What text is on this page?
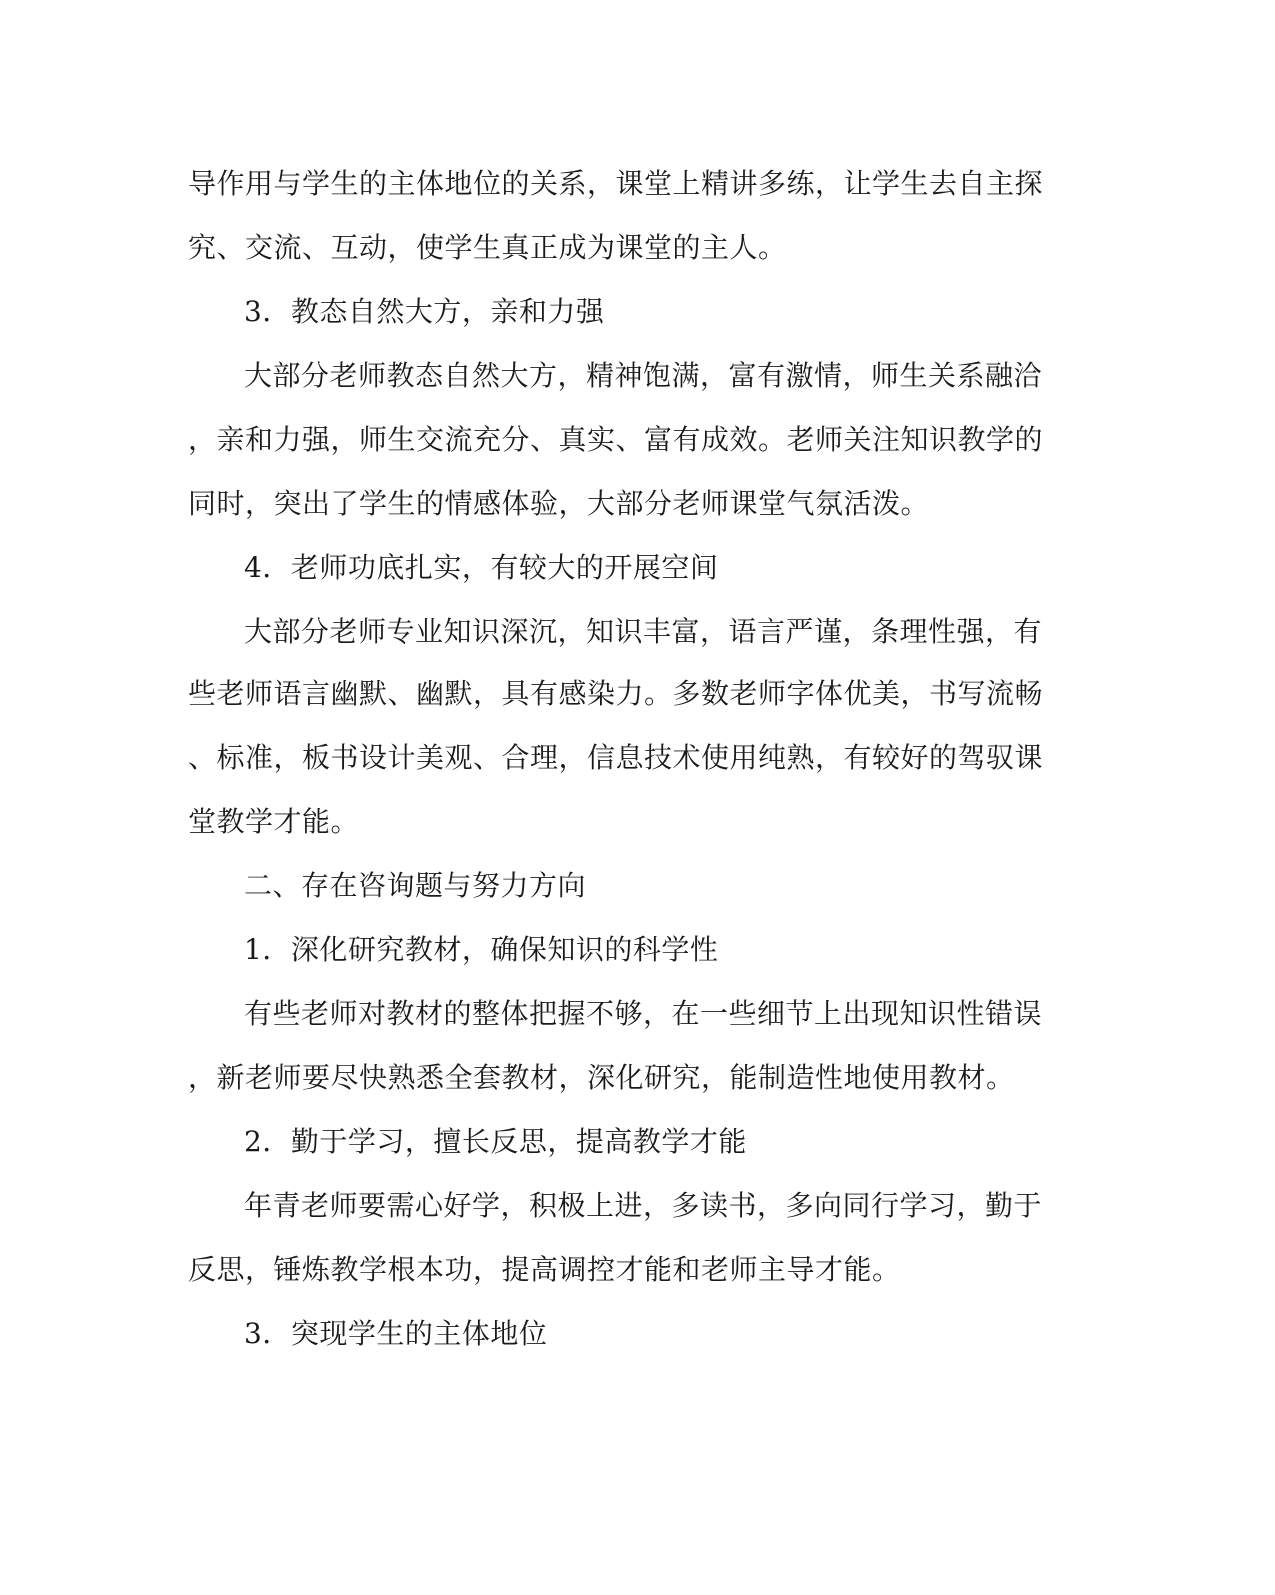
导作用与学生的主体地位的关系，课堂上精讲多练，让学生去自主探
究、交流、互动，使学生真正成为课堂的主人。
3．教态自然大方，亲和力强
大部分老师教态自然大方，精神饱满，富有激情，师生关系融洽
，亲和力强，师生交流充分、真实、富有成效。老师关注知识教学的
同时，突出了学生的情感体验，大部分老师课堂气氛活泼。
4．老师功底扎实，有较大的开展空间
大部分老师专业知识深沉，知识丰富，语言严谨，条理性强，有
些老师语言幽默、幽默，具有感染力。多数老师字体优美，书写流畅
、标准，板书设计美观、合理，信息技术使用纯熟，有较好的驾驭课
堂教学才能。
二、存在咨询题与努力方向
1．深化研究教材，确保知识的科学性
有些老师对教材的整体把握不够，在一些细节上出现知识性错误
，新老师要尽快熟悉全套教材，深化研究，能制造性地使用教材。
2．勤于学习，擅长反思，提高教学才能
年青老师要需心好学，积极上进，多读书，多向同行学习，勤于
反思，锤炼教学根本功，提高调控才能和老师主导才能。
3．突现学生的主体地位
